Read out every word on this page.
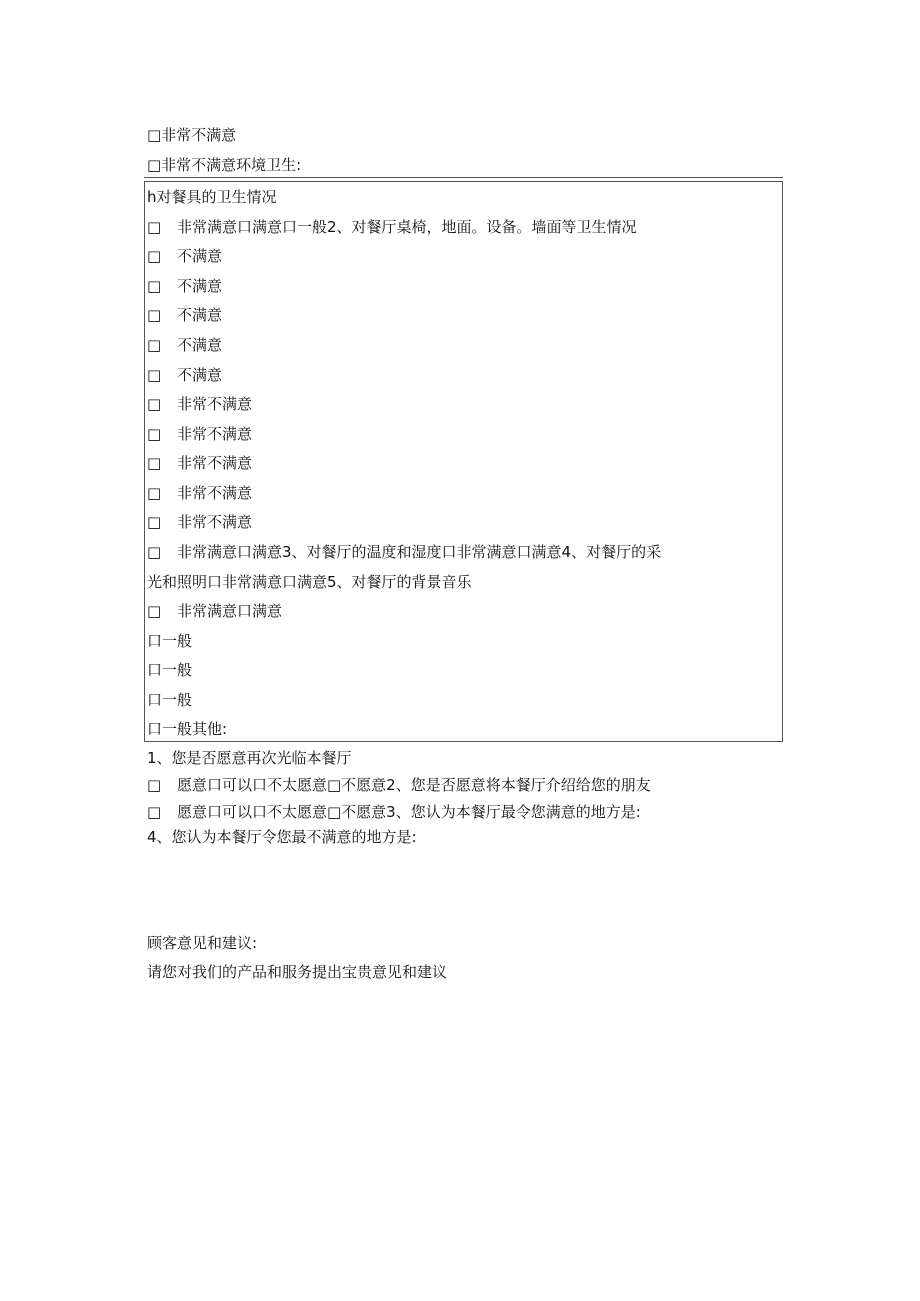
□非常不满意
□非常不满意环境卫生:
h对餐具的卫生情况
□ 非常满意口满意口一般2、对餐厅桌椅，地面。设备。墙面等卫生情况
□ 不满意
□ 不满意
□ 不满意
□ 不满意
□ 不满意
□ 非常不满意
□ 非常不满意
□ 非常不满意
□ 非常不满意
□ 非常不满意
□ 非常满意口满意3、对餐厅的温度和湿度口非常满意口满意4、对餐厅的采
光和照明口非常满意口满意5、对餐厅的背景音乐
□ 非常满意口满意
口一般
口一般
口一般
口一般其他:
1、您是否愿意再次光临本餐厅
□ 愿意口可以口不太愿意□不愿意2、您是否愿意将本餐厅介绍给您的朋友
□ 愿意口可以口不太愿意□不愿意3、您认为本餐厅最令您满意的地方是:
4、您认为本餐厅令您最不满意的地方是:
顾客意见和建议:
请您对我们的产品和服务提出宝贵意见和建议
